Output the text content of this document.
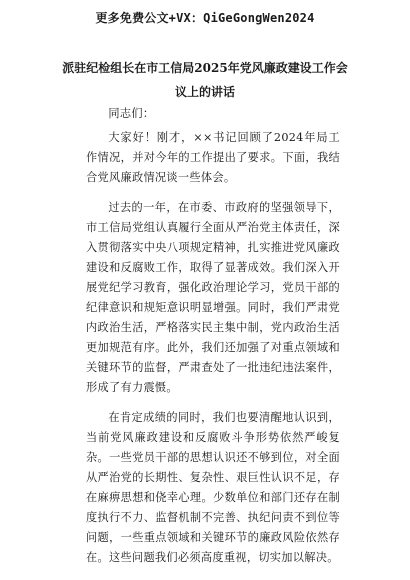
更多免费公文+VX：QiGeGongWen2024
派驻纪检组长在市工信局2025年党风廉政建设工作会议上的讲话

同志们：

大家好！刚才，××书记回顾了2024年局工作情况，并对今年的工作提出了要求。下面，我结合党风廉政情况谈一些体会。

过去的一年，在市委、市政府的坚强领导下，市工信局党组认真履行全面从严治党主体责任，深入贯彻落实中央八项规定精神，扎实推进党风廉政建设和反腐败工作，取得了显著成效。我们深入开展党纪学习教育，强化政治理论学习，党员干部的纪律意识和规矩意识明显增强。同时，我们严肃党内政治生活，严格落实民主集中制，党内政治生活更加规范有序。此外，我们还加强了对重点领域和关键环节的监督，严肃查处了一批违纪违法案件，形成了有力震慑。

在肯定成绩的同时，我们也要清醒地认识到，当前党风廉政建设和反腐败斗争形势依然严峻复杂。一些党员干部的思想认识还不够到位，对全面从严治党的长期性、复杂性、艰巨性认识不足，存在麻痹思想和侥幸心理。少数单位和部门还存在制度执行不力、监督机制不完善、执纪问责不到位等问题，一些重点领域和关键环节的廉政风险依然存在。这些问题我们必须高度重视，切实加以解决。
